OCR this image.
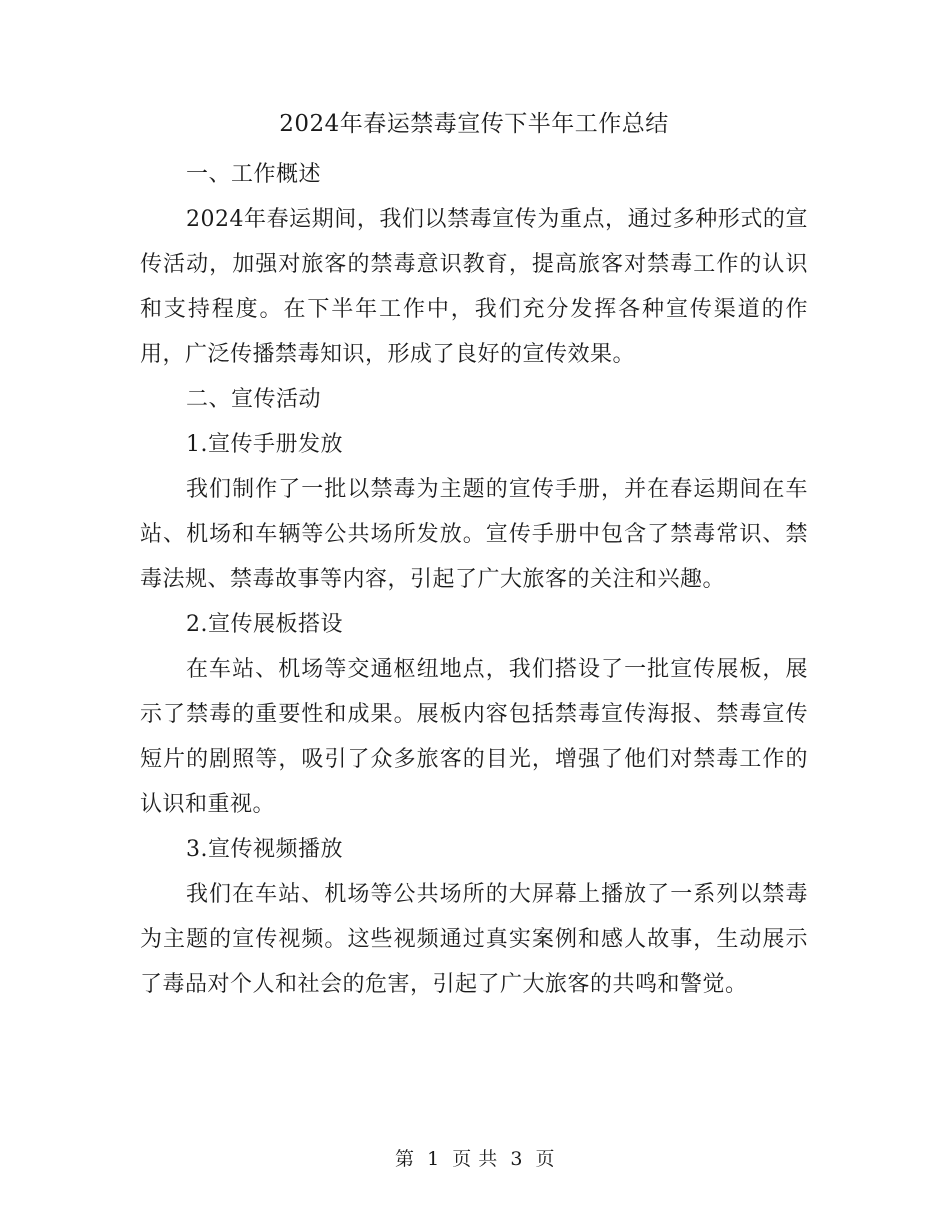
2024年春运禁毒宣传下半年工作总结
一、工作概述
2024年春运期间，我们以禁毒宣传为重点，通过多种形式的宣传活动，加强对旅客的禁毒意识教育，提高旅客对禁毒工作的认识和支持程度。在下半年工作中，我们充分发挥各种宣传渠道的作用，广泛传播禁毒知识，形成了良好的宣传效果。
二、宣传活动
1.宣传手册发放
我们制作了一批以禁毒为主题的宣传手册，并在春运期间在车站、机场和车辆等公共场所发放。宣传手册中包含了禁毒常识、禁毒法规、禁毒故事等内容，引起了广大旅客的关注和兴趣。
2.宣传展板搭设
在车站、机场等交通枢纽地点，我们搭设了一批宣传展板，展示了禁毒的重要性和成果。展板内容包括禁毒宣传海报、禁毒宣传短片的剧照等，吸引了众多旅客的目光，增强了他们对禁毒工作的认识和重视。
3.宣传视频播放
我们在车站、机场等公共场所的大屏幕上播放了一系列以禁毒为主题的宣传视频。这些视频通过真实案例和感人故事，生动展示了毒品对个人和社会的危害，引起了广大旅客的共鸣和警觉。
第 1 页 共 3 页
